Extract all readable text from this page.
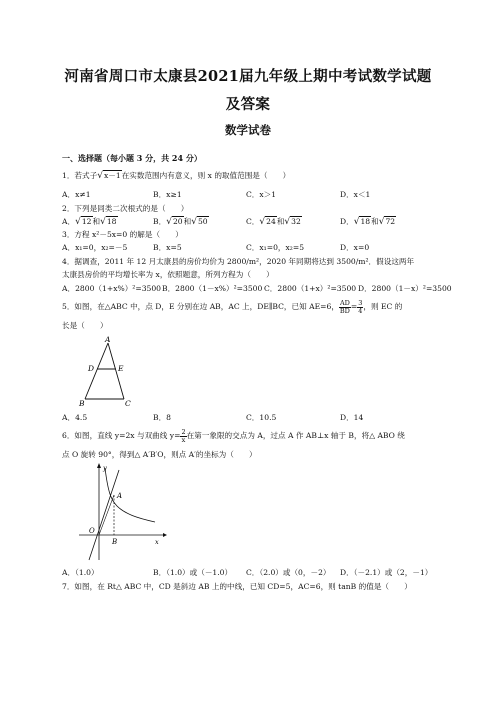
河南省周口市太康县2021届九年级上期中考试数学试题
及答案
数学试卷
一、选择题（每小题 3 分，共 24 分）
1．若式子√x－1在实数范围内有意义，则 x 的取值范围是（　　）
A．x≠1	B．x≥1	C．x＞1	D．x＜1
2．下列是同类二次根式的是（　　）
A．√12和√18	B．√20和√50	C．√24和√32	D．√18和√72
3．方程 x²－5x=0 的解是（　　）
A．x₁=0，x₂=－5	B．x=5	C．x₁=0，x₂=5	D．x=0
4．据调查，2011 年 12 月太康县的房价均价为 2800/m²，2020 年同期将达到 3500/m²．假设这两年
太康县房价的平均增长率为 x，依照题意，所列方程为（　　）
A．2800（1+x%）²=3500 B．2800（1－x%）²=3500 C．2800（1+x）²=3500 D．2800（1－x）²=3500
5．如图，在△ABC 中，点 D，E 分别在边 AB，AC 上，DE∥BC，已知 AE=6， $\frac{AD}{BD} = \frac{3}{4}$ ，则 EC 的
长是（　　）
A
D	E
B	C
A．4.5	B．8	C．10.5	D．14
6．如图，直线 y=2x 与双曲线 $y= \frac{2}{x}$ 在第一象限的交点为 A，过点 A 作 AB⊥x 轴于 B，将△ ABO 绕
点 O 旋转 90°，得到△ A′B′O，则点 A′的坐标为（　　）
y
x
A
B
O
A．（1.0）	B．（1.0）或（－1.0） C．（2.0）或（0，－2） D．（－2.1）或（2，－1）
7．如图，在 Rt△ ABC 中，CD 是斜边 AB 上的中线，已知 CD=5，AC=6，则 tanB 的值是（　　）
